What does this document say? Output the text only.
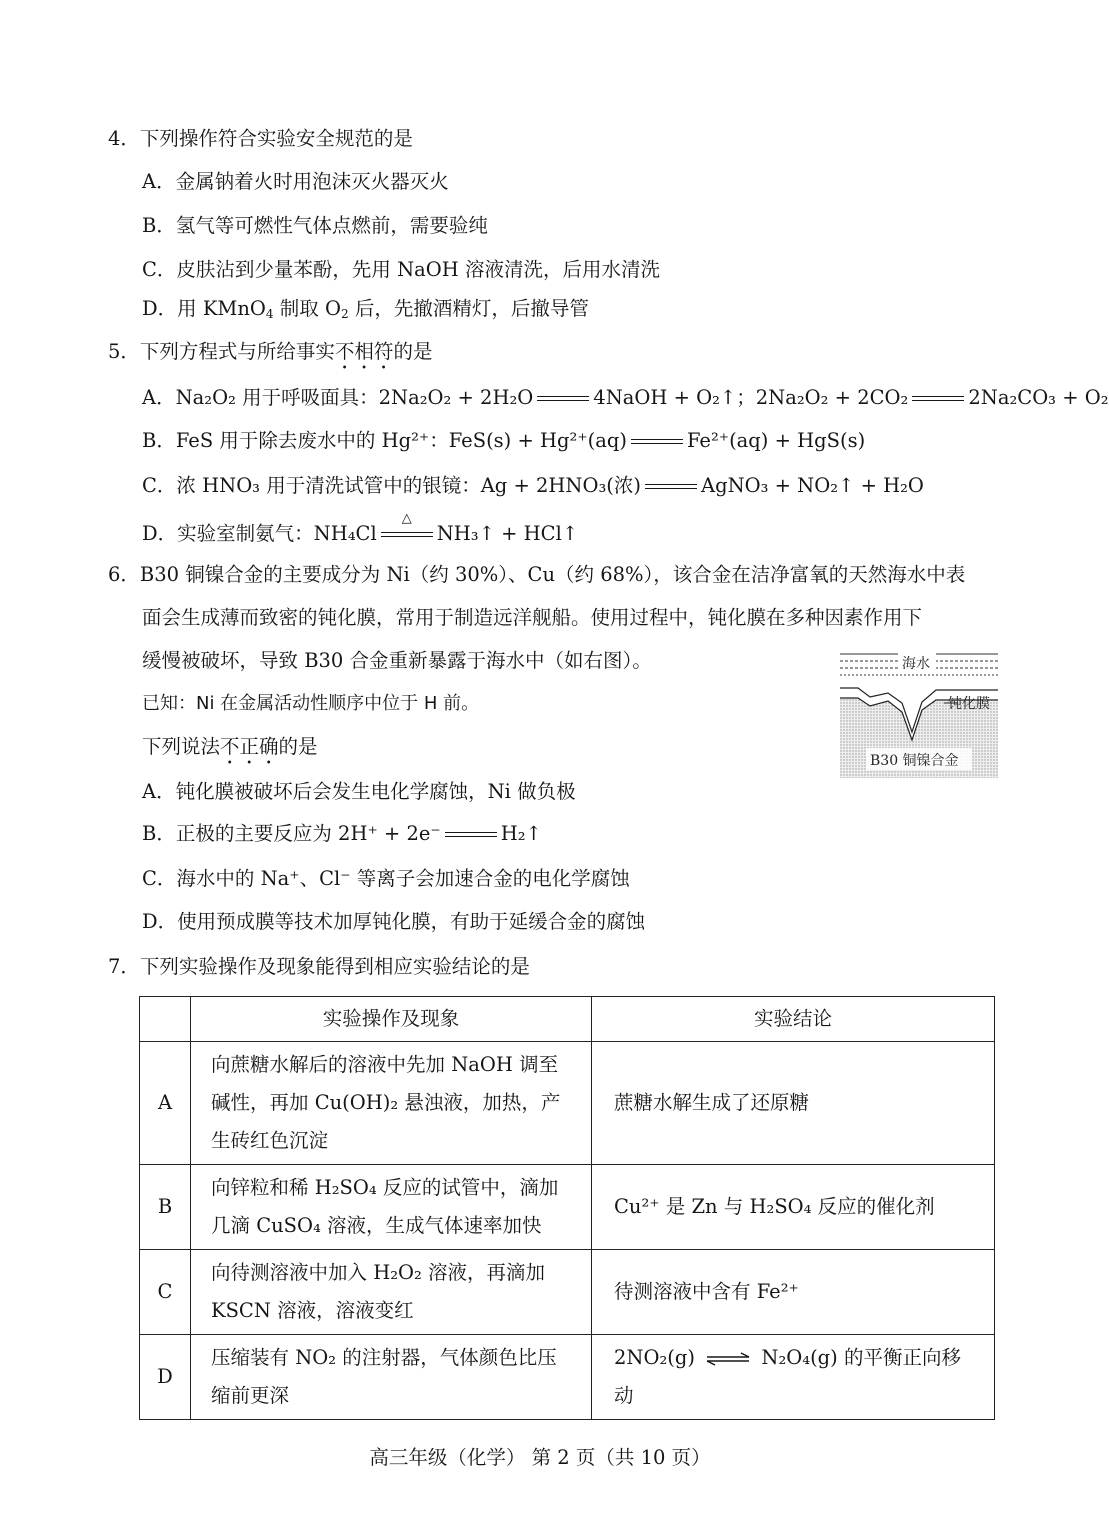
4．下列操作符合实验安全规范的是
A．金属钠着火时用泡沫灭火器灭火
B．氢气等可燃性气体点燃前，需要验纯
C．皮肤沾到少量苯酚，先用 NaOH 溶液清洗，后用水清洗
D．用 KMnO$_4$ 制取 $O_2$ 后，先撤酒精灯，后撤导管
5．下列方程式与所给事实不相符的是
A．Na₂O₂ 用于呼吸面具：2Na₂O₂ + 2H₂O	4NaOH + O₂↑；2Na₂O₂ + 2CO₂	2Na₂CO₃ + O₂
B．FeS 用于除去废水中的 Hg²⁺：FeS(s) + Hg²⁺(aq)	Fe²⁺(aq) + HgS(s)
C．浓 HNO₃ 用于清洗试管中的银镜：Ag + 2HNO₃(浓)	AgNO₃ + NO₂↑ + H₂O
D．实验室制氨气：NH₄Cl
△
NH₃↑ + HCl↑
6．B30 铜镍合金的主要成分为 Ni（约 30%）、Cu（约 68%），该合金在洁净富氧的天然海水中表
面会生成薄而致密的钝化膜，常用于制造远洋舰船。使用过程中，钝化膜在多种因素作用下
缓慢被破坏，导致 B30 合金重新暴露于海水中（如右图）。
已知：Ni 在金属活动性顺序中位于 H 前。
下列说法不正确的是
A．钝化膜被破坏后会发生电化学腐蚀，Ni 做负极
B．正极的主要反应为 2H⁺ + 2e⁻	H₂↑
C．海水中的 Na⁺、Cl⁻ 等离子会加速合金的电化学腐蚀
D．使用预成膜等技术加厚钝化膜，有助于延缓合金的腐蚀
海水
钝化膜
B30 铜镍合金
7．下列实验操作及现象能得到相应实验结论的是
	实验操作及现象	实验结论
A	向蔗糖水解后的溶液中先加 NaOH 调至
碱性，再加 Cu(OH)₂ 悬浊液，加热，产
生砖红色沉淀	蔗糖水解生成了还原糖
B	向锌粒和稀 H₂SO₄ 反应的试管中，滴加
几滴 CuSO₄ 溶液，生成气体速率加快	Cu²⁺ 是 Zn 与 H₂SO₄ 反应的催化剂
C	向待测溶液中加入 H₂O₂ 溶液，再滴加
KSCN 溶液，溶液变红	待测溶液中含有 Fe²⁺
D	压缩装有 NO₂ 的注射器，气体颜色比压
缩前更深	2NO₂(g) ⇌ N₂O₄(g) 的平衡正向移动
高三年级（化学） 第 2 页（共 10 页）
